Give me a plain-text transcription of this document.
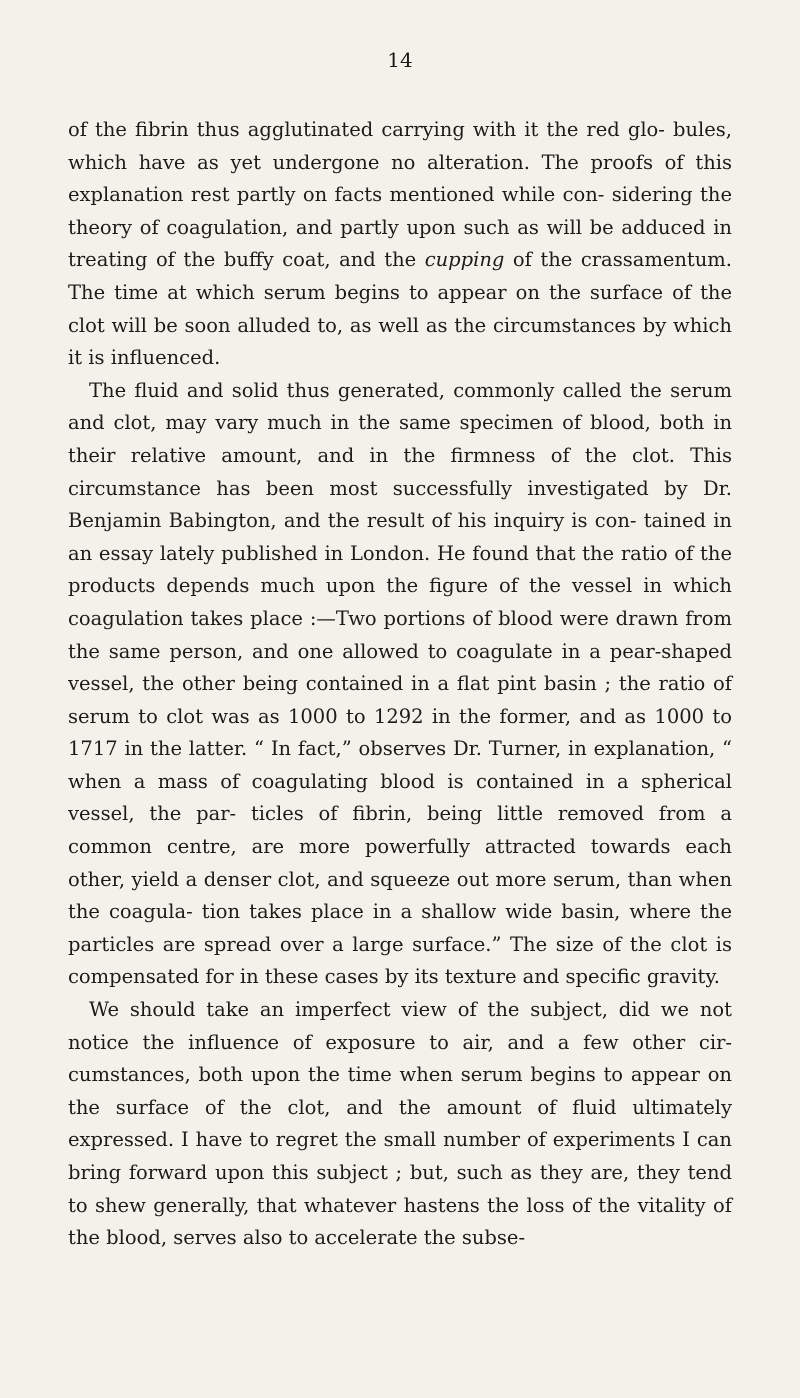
14

of the fibrin thus agglutinated carrying with it the red glo- bules, which have as yet undergone no alteration. The proofs of this explanation rest partly on facts mentioned while con- sidering the theory of coagulation, and partly upon such as will be adduced in treating of the buffy coat, and the cupping of the crassamentum. The time at which serum begins to appear on the surface of the clot will be soon alluded to, as well as the circumstances by which it is influenced.

The fluid and solid thus generated, commonly called the serum and clot, may vary much in the same specimen of blood, both in their relative amount, and in the firmness of the clot. This circumstance has been most successfully investigated by Dr. Benjamin Babington, and the result of his inquiry is con- tained in an essay lately published in London. He found that the ratio of the products depends much upon the figure of the vessel in which coagulation takes place :—Two portions of blood were drawn from the same person, and one allowed to coagulate in a pear-shaped vessel, the other being contained in a flat pint basin ; the ratio of serum to clot was as 1000 to 1292 in the former, and as 1000 to 1717 in the latter. “ In fact,” observes Dr. Turner, in explanation, “ when a mass of coagulating blood is contained in a spherical vessel, the par- ticles of fibrin, being little removed from a common centre, are more powerfully attracted towards each other, yield a denser clot, and squeeze out more serum, than when the coagula- tion takes place in a shallow wide basin, where the particles are spread over a large surface.” The size of the clot is compensated for in these cases by its texture and specific gravity.

We should take an imperfect view of the subject, did we not notice the influence of exposure to air, and a few other cir- cumstances, both upon the time when serum begins to appear on the surface of the clot, and the amount of fluid ultimately expressed. I have to regret the small number of experiments I can bring forward upon this subject ; but, such as they are, they tend to shew generally, that whatever hastens the loss of the vitality of the blood, serves also to accelerate the subse-
